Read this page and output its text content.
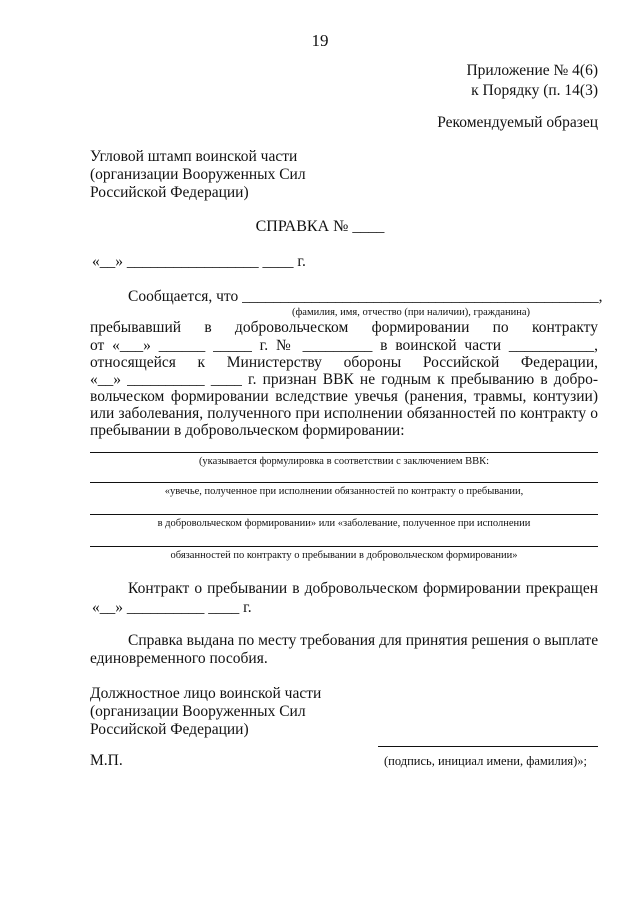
19
Приложение № 4(6)
к Порядку (п. 14(3)
Рекомендуемый образец
Угловой штамп воинской части
(организации Вооруженных Сил
Российской Федерации)
СПРАВКА № ____
«__» _________________ ____ г.
Сообщается, что ______________________________________________,
(фамилия, имя, отчество (при наличии), гражданина)
пребывавший в добровольческом формировании по контракту
от «___» ______ _____ г. № _________ в воинской части ___________,
относящейся к Министерству обороны Российской Федерации,
«__» __________ ____ г. признан ВВК не годным к пребыванию в добро-
вольческом формировании вследствие увечья (ранения, травмы, контузии)
или заболевания, полученного при исполнении обязанностей по контракту о
пребывании в добровольческом формировании:
(указывается формулировка в соответствии с заключением ВВК:
«увечье, полученное при исполнении обязанностей по контракту о пребывании,
в добровольческом формировании» или «заболевание, полученное при исполнении
обязанностей по контракту о пребывании в добровольческом формировании»
Контракт о пребывании в добровольческом формировании прекращен
«__» __________ ____ г.
Справка выдана по месту требования для принятия решения о выплате
единовременного пособия.
Должностное лицо воинской части
(организации Вооруженных Сил
Российской Федерации)
М.П.	(подпись, инициал имени, фамилия)»;
